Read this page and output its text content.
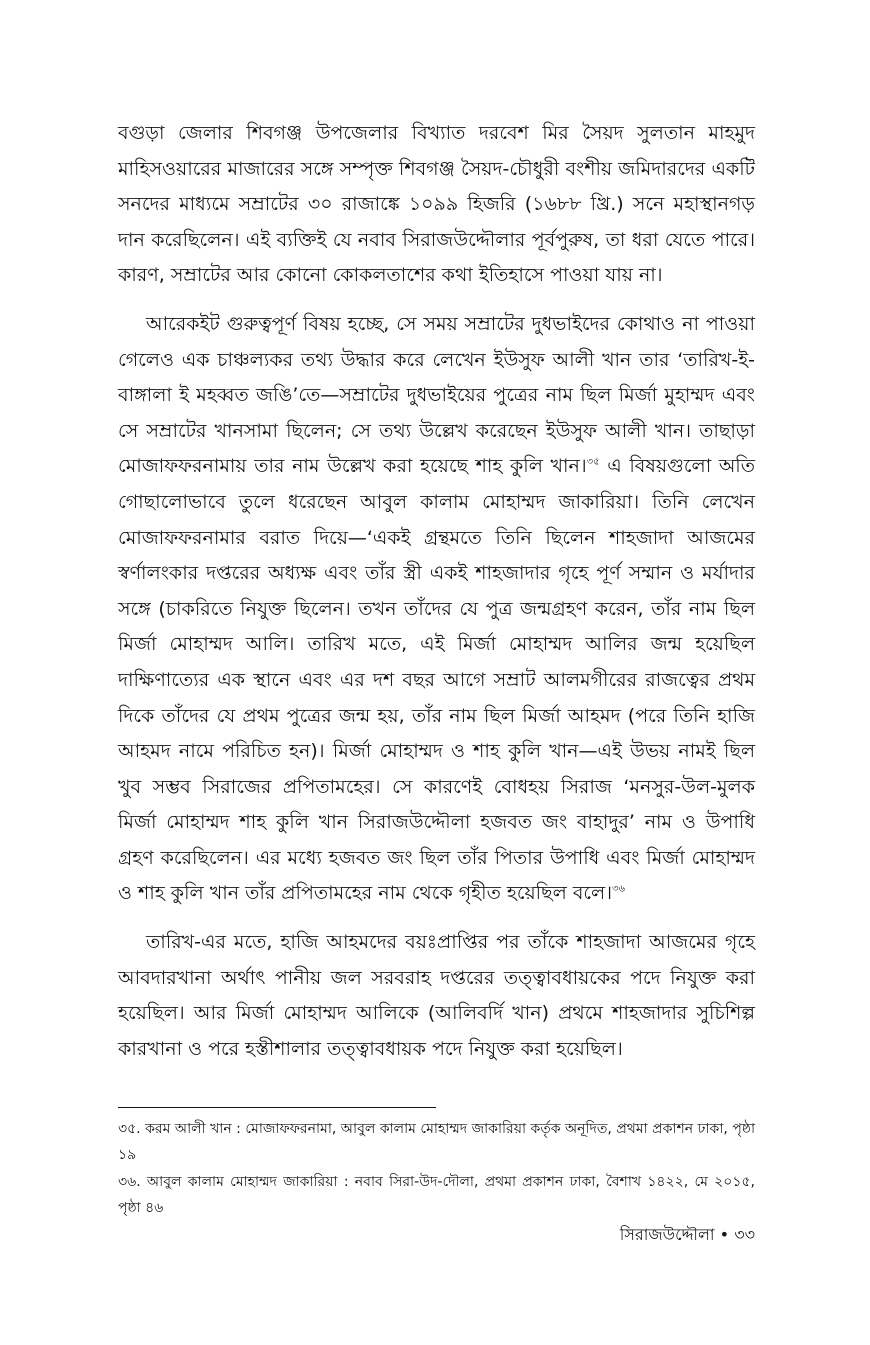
বগুড়া জেলার শিবগঞ্জ উপজেলার বিখ্যাত দরবেশ মির সৈয়দ সুলতান মাহমুদ মাহিসওয়ারের মাজারের সঙ্গে সম্পৃক্ত শিবগঞ্জ সৈয়দ-চৌধুরী বংশীয় জমিদারদের একটি সনদের মাধ্যমে সম্রাটের ৩০ রাজাঙ্কে ১০৯৯ হিজরি (১৬৮৮ খ্রি.) সনে মহাস্থানগড় দান করেছিলেন। এই ব্যক্তিই যে নবাব সিরাজউদ্দৌলার পূর্বপুরুষ, তা ধরা যেতে পারে। কারণ, সম্রাটের আর কোনো কোকলতাশের কথা ইতিহাসে পাওয়া যায় না।

আরেকইট গুরুত্বপূর্ণ বিষয় হচ্ছে, সে সময় সম্রাটের দুধভাইদের কোথাও না পাওয়া গেলেও এক চাঞ্চল্যকর তথ্য উদ্ধার করে লেখেন ইউসুফ আলী খান তার ‘তারিখ-ই-বাঙ্গালা ই মহব্বত জঙি’তে—সম্রাটের দুধভাইয়ের পুত্রের নাম ছিল মির্জা মুহাম্মদ এবং সে সম্রাটের খানসামা ছিলেন; সে তথ্য উল্লেখ করেছেন ইউসুফ আলী খান। তাছাড়া মোজাফফরনামায় তার নাম উল্লেখ করা হয়েছে শাহ কুলি খান।$^{৩৫}$ এ বিষয়গুলো অতি গোছালোভাবে তুলে ধরেছেন আবুল কালাম মোহাম্মদ জাকারিয়া। তিনি লেখেন মোজাফফরনামার বরাত দিয়ে—‘একই গ্রন্থমতে তিনি ছিলেন শাহজাদা আজমের স্বর্ণালংকার দপ্তরের অধ্যক্ষ এবং তাঁর স্ত্রী একই শাহজাদার গৃহে পূর্ণ সম্মান ও মর্যাদার সঙ্গে (চাকরিতে নিযুক্ত ছিলেন। তখন তাঁদের যে পুত্র জন্মগ্রহণ করেন, তাঁর নাম ছিল মির্জা মোহাম্মদ আলি। তারিখ মতে, এই মির্জা মোহাম্মদ আলির জন্ম হয়েছিল দাক্ষিণাত্যের এক স্থানে এবং এর দশ বছর আগে সম্রাট আলমগীরের রাজত্বের প্রথম দিকে তাঁদের যে প্রথম পুত্রের জন্ম হয়, তাঁর নাম ছিল মির্জা আহমদ (পরে তিনি হাজি আহমদ নামে পরিচিত হন)। মির্জা মোহাম্মদ ও শাহ কুলি খান—এই উভয় নামই ছিল খুব সম্ভব সিরাজের প্রপিতামহের। সে কারণেই বোধহয় সিরাজ ‘মনসুর-উল-মুলক মির্জা মোহাম্মদ শাহ কুলি খান সিরাজউদ্দৌলা হজবত জং বাহাদুর’ নাম ও উপাধি গ্রহণ করেছিলেন। এর মধ্যে হজবত জং ছিল তাঁর পিতার উপাধি এবং মির্জা মোহাম্মদ ও শাহ কুলি খান তাঁর প্রপিতামহের নাম থেকে গৃহীত হয়েছিল বলে।$^{৩৬}$

তারিখ-এর মতে, হাজি আহমদের বয়ঃপ্রাপ্তির পর তাঁকে শাহজাদা আজমের গৃহে আবদারখানা অর্থাৎ পানীয় জল সরবরাহ দপ্তরের তত্ত্বাবধায়কের পদে নিযুক্ত করা হয়েছিল। আর মির্জা মোহাম্মদ আলিকে (আলিবর্দি খান) প্রথমে শাহজাদার সুচিশিল্প কারখানা ও পরে হস্তীশালার তত্ত্বাবধায়ক পদে নিযুক্ত করা হয়েছিল।

৩৫. করম আলী খান : মোজাফফরনামা, আবুল কালাম মোহাম্মদ জাকারিয়া কর্তৃক অনূদিত, প্রথমা প্রকাশন ঢাকা, পৃষ্ঠা ১৯

৩৬. আবুল কালাম মোহাম্মদ জাকারিয়া : নবাব সিরা-উদ-দৌলা, প্রথমা প্রকাশন ঢাকা, বৈশাখ ১৪২২, মে ২০১৫, পৃষ্ঠা ৪৬

সিরাজউদ্দৌলা • ৩৩
